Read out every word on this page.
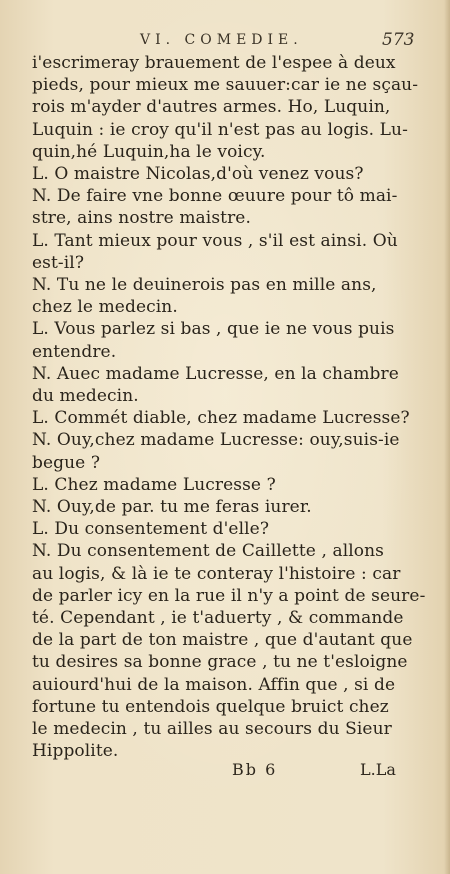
VI. COMEDIE.	573
i'escrimeray brauement de l'espee à deux
pieds, pour mieux me sauuer:car ie ne sçau-
rois m'ayder d'autres armes. Ho, Luquin,
Luquin : ie croy qu'il n'est pas au logis. Lu-
quin,hé Luquin,ha le voicy.
L. O maistre Nicolas,d'où venez vous?
N. De faire vne bonne œuure pour tô mai-
stre, ains nostre maistre.
L. Tant mieux pour vous , s'il est ainsi. Où
est-il?
N. Tu ne le deuinerois pas en mille ans,
chez le medecin.
L. Vous parlez si bas , que ie ne vous puis
entendre.
N. Auec madame Lucresse, en la chambre
du medecin.
L. Commét diable, chez madame Lucresse?
N. Ouy,chez madame Lucresse: ouy,suis-ie
begue ?
L. Chez madame Lucresse ?
N. Ouy,de par. tu me feras iurer.
L. Du consentement d'elle?
N. Du consentement de Caillette , allons
au logis, & là ie te conteray l'histoire : car
de parler icy en la rue il n'y a point de seure-
té. Cependant , ie t'aduerty , & commande
de la part de ton maistre , que d'autant que
tu desires sa bonne grace , tu ne t'esloigne
auiourd'hui de la maison. Affin que , si de
fortune tu entendois quelque bruict chez
le medecin , tu ailles au secours du Sieur
Hippolite.
Bb 6	L.La
